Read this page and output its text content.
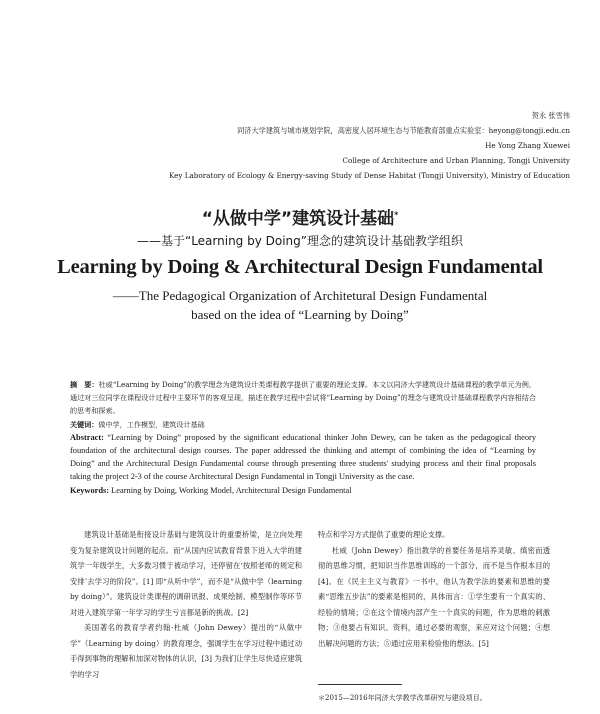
贺永 张雪伟
同济大学建筑与城市规划学院，高密度人居环境生态与节能教育部重点实验室：heyong@tongji.edu.cn
He Yong Zhang Xuewei
College of Architecture and Urban Planning, Tongji University
Key Laboratory of Ecology & Energy-saving Study of Dense Habitat (Tongji University), Ministry of Education
“从做中学”建筑设计基础*
——基于“Learning by Doing”理念的建筑设计基础教学组织
Learning by Doing & Architectural Design Fundamental
——The Pedagogical Organization of Architetural Design Fundamental
based on the idea of “Learning by Doing”
摘　要：杜威“Learning by Doing”的教学理念为建筑设计类课程教学提供了重要的理论支撑。本文以同济大学建筑设计基础课程的教学单元为例，通过对三位同学在课程设计过程中主要环节的客观呈现，描述在教学过程中尝试将“Learning by Doing”的理念与建筑设计基础课程教学内容相结合的思考和探索。
关键词：做中学，工作模型，建筑设计基础
Abstract: “Learning by Doing” proposed by the significant educational thinker John Dewey, can be taken as the pedagogical theory foundation of the architectural design courses. The paper addressed the thinking and attempt of combining the idea of “Learning by Doing” and the Architectural Design Fundamental course through presenting three students' studying process and their final proposals taking the project 2-3 of the course Architectural Design Fundamental in Tongji University as the case.
Keywords: Learning by Doing, Working Model, Architectural Design Fundamental

建筑设计基础是衔接设计基础与建筑设计的重要桥梁，是立向处理变为复杂建筑设计问题的起点。而“从国内应试教育背景下进入大学的建筑学一年级学生，大多数习惯于被动学习，还停留在‘按照老师的规定和安排’去学习的阶段”。[1] 即“从听中学”，而不是“从做中学（learning by doing）”。建筑设计类课程的调研讯报、成果绘制、模型制作等环节对进入建筑学第一年学习的学生亏言都是新的挑战。[2]

美国著名的教育学者约翰·杜威（John Dewey）提出的“从做中学”（Learning by doing）的教育理念，强调学生在学习过程中通过动手得到事物的理解和加深对物体的认识，[3] 为我们让学生尽快适应建筑学的学习

特点和学习方式提供了重要的理论支撑。

杜威（John Dewey）指出教学的首要任务是培养灵敏、缜密而透彻的思维习惯，把知识当作思维训练的一个部分，而不是当作根本目的[4]。在《民主主义与教育》一书中，他认为教学法的要素和思维的要素“思维五步法”的要素是相同的，具体而言：①学生要有一个真实的、经验的情境；②在这个情境内部产生一个真实的问题，作为思维的刺激物；③他要占有知识、资料，通过必要的观察，来应对这个问题；④想出解决问题的方法；⑤通过应用来检验他的想法。[5]

＊2015—2016年同济大学教学改革研究与建设项目。
